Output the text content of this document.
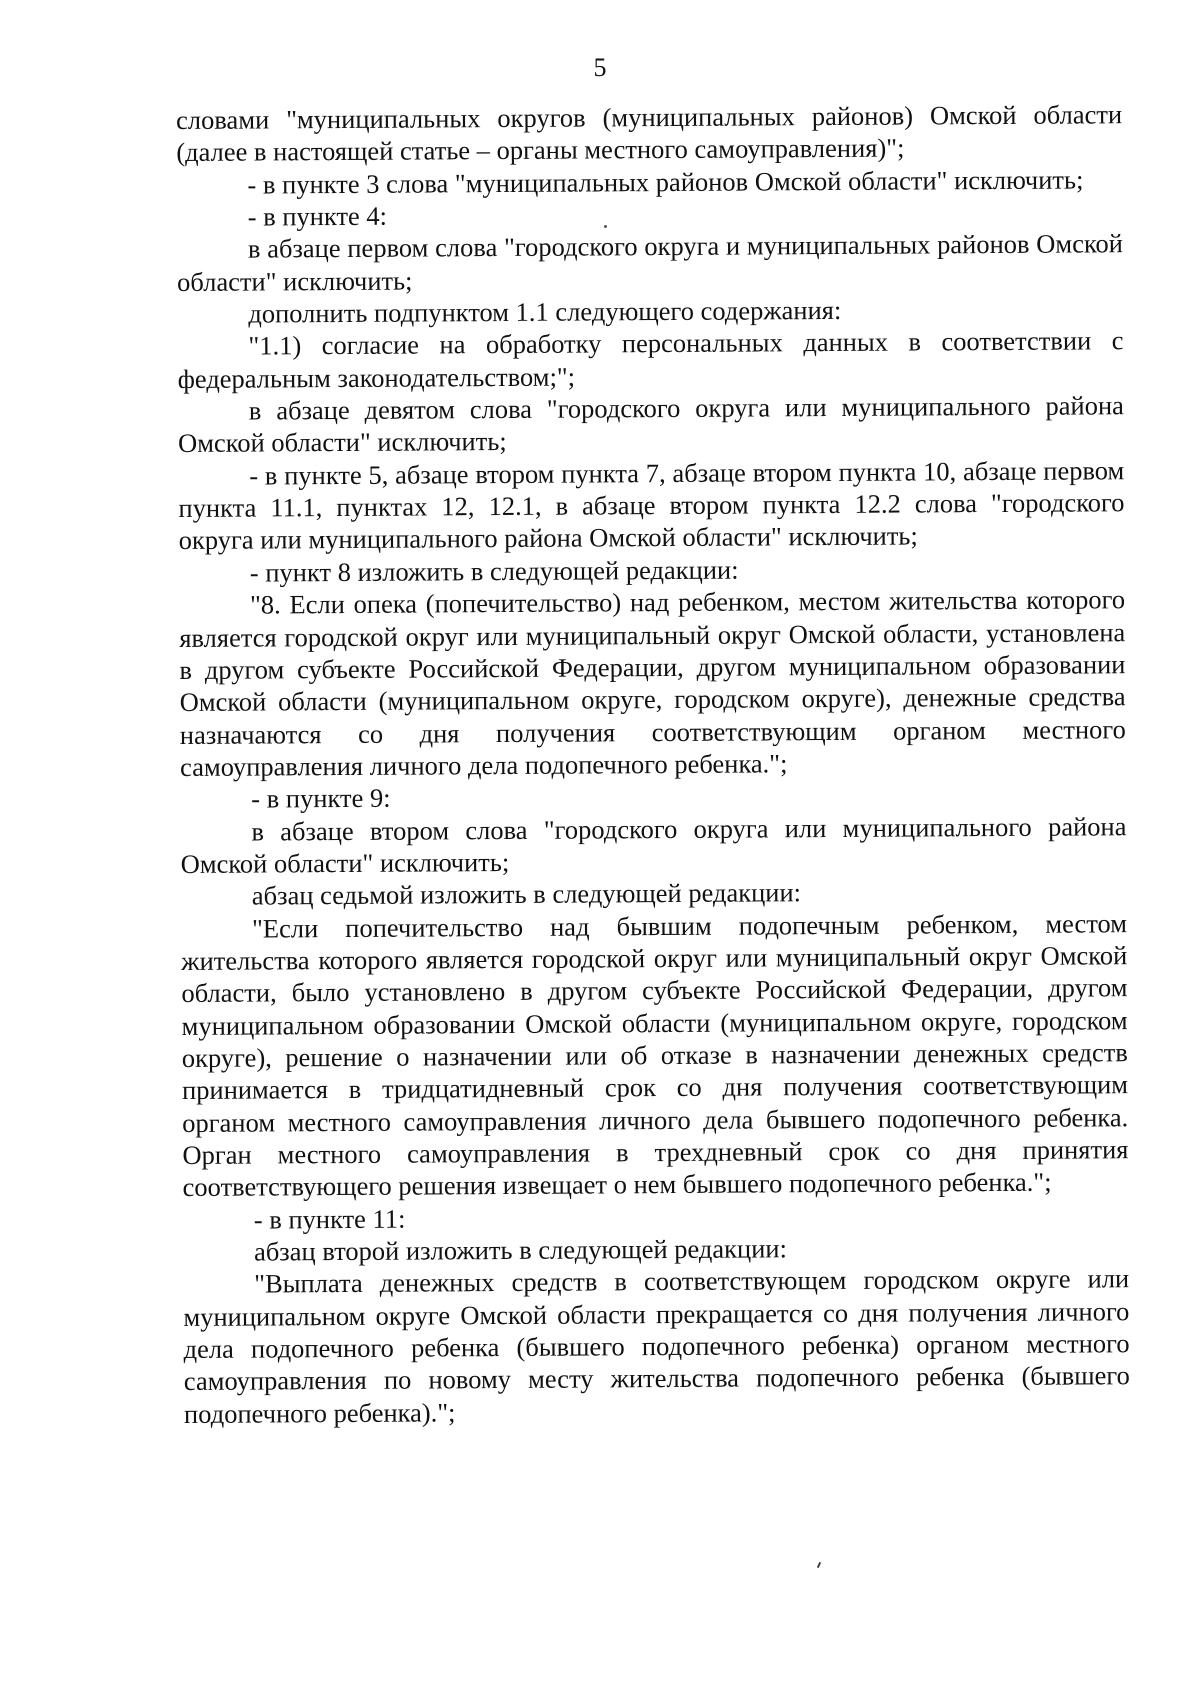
5

словами "муниципальных округов (муниципальных районов) Омской области (далее в настоящей статье – органы местного самоуправления)";

- в пункте 3 слова "муниципальных районов Омской области" исключить;

- в пункте 4:

в абзаце первом слова "городского округа и муниципальных районов Омской области" исключить;

дополнить подпунктом 1.1 следующего содержания:

"1.1) согласие на обработку персональных данных в соответствии с федеральным законодательством;";

в абзаце девятом слова "городского округа или муниципального района Омской области" исключить;

- в пункте 5, абзаце втором пункта 7, абзаце втором пункта 10, абзаце первом пункта 11.1, пунктах 12, 12.1, в абзаце втором пункта 12.2 слова "городского округа или муниципального района Омской области" исключить;

- пункт 8 изложить в следующей редакции:

"8. Если опека (попечительство) над ребенком, местом жительства которого является городской округ или муниципальный округ Омской области, установлена в другом субъекте Российской Федерации, другом муниципальном образовании Омской области (муниципальном округе, городском округе), денежные средства назначаются со дня получения соответствующим органом местного самоуправления личного дела подопечного ребенка.";

- в пункте 9:

в абзаце втором слова "городского округа или муниципального района Омской области" исключить;

абзац седьмой изложить в следующей редакции:

"Если попечительство над бывшим подопечным ребенком, местом жительства которого является городской округ или муниципальный округ Омской области, было установлено в другом субъекте Российской Федерации, другом муниципальном образовании Омской области (муниципальном округе, городском округе), решение о назначении или об отказе в назначении денежных средств принимается в тридцатидневный срок со дня получения соответствующим органом местного самоуправления личного дела бывшего подопечного ребенка. Орган местного самоуправления в трехдневный срок со дня принятия соответствующего решения извещает о нем бывшего подопечного ребенка.";

- в пункте 11:

абзац второй изложить в следующей редакции:

"Выплата денежных средств в соответствующем городском округе или муниципальном округе Омской области прекращается со дня получения личного дела подопечного ребенка (бывшего подопечного ребенка) органом местного самоуправления по новому месту жительства подопечного ребенка (бывшего подопечного ребенка).";
